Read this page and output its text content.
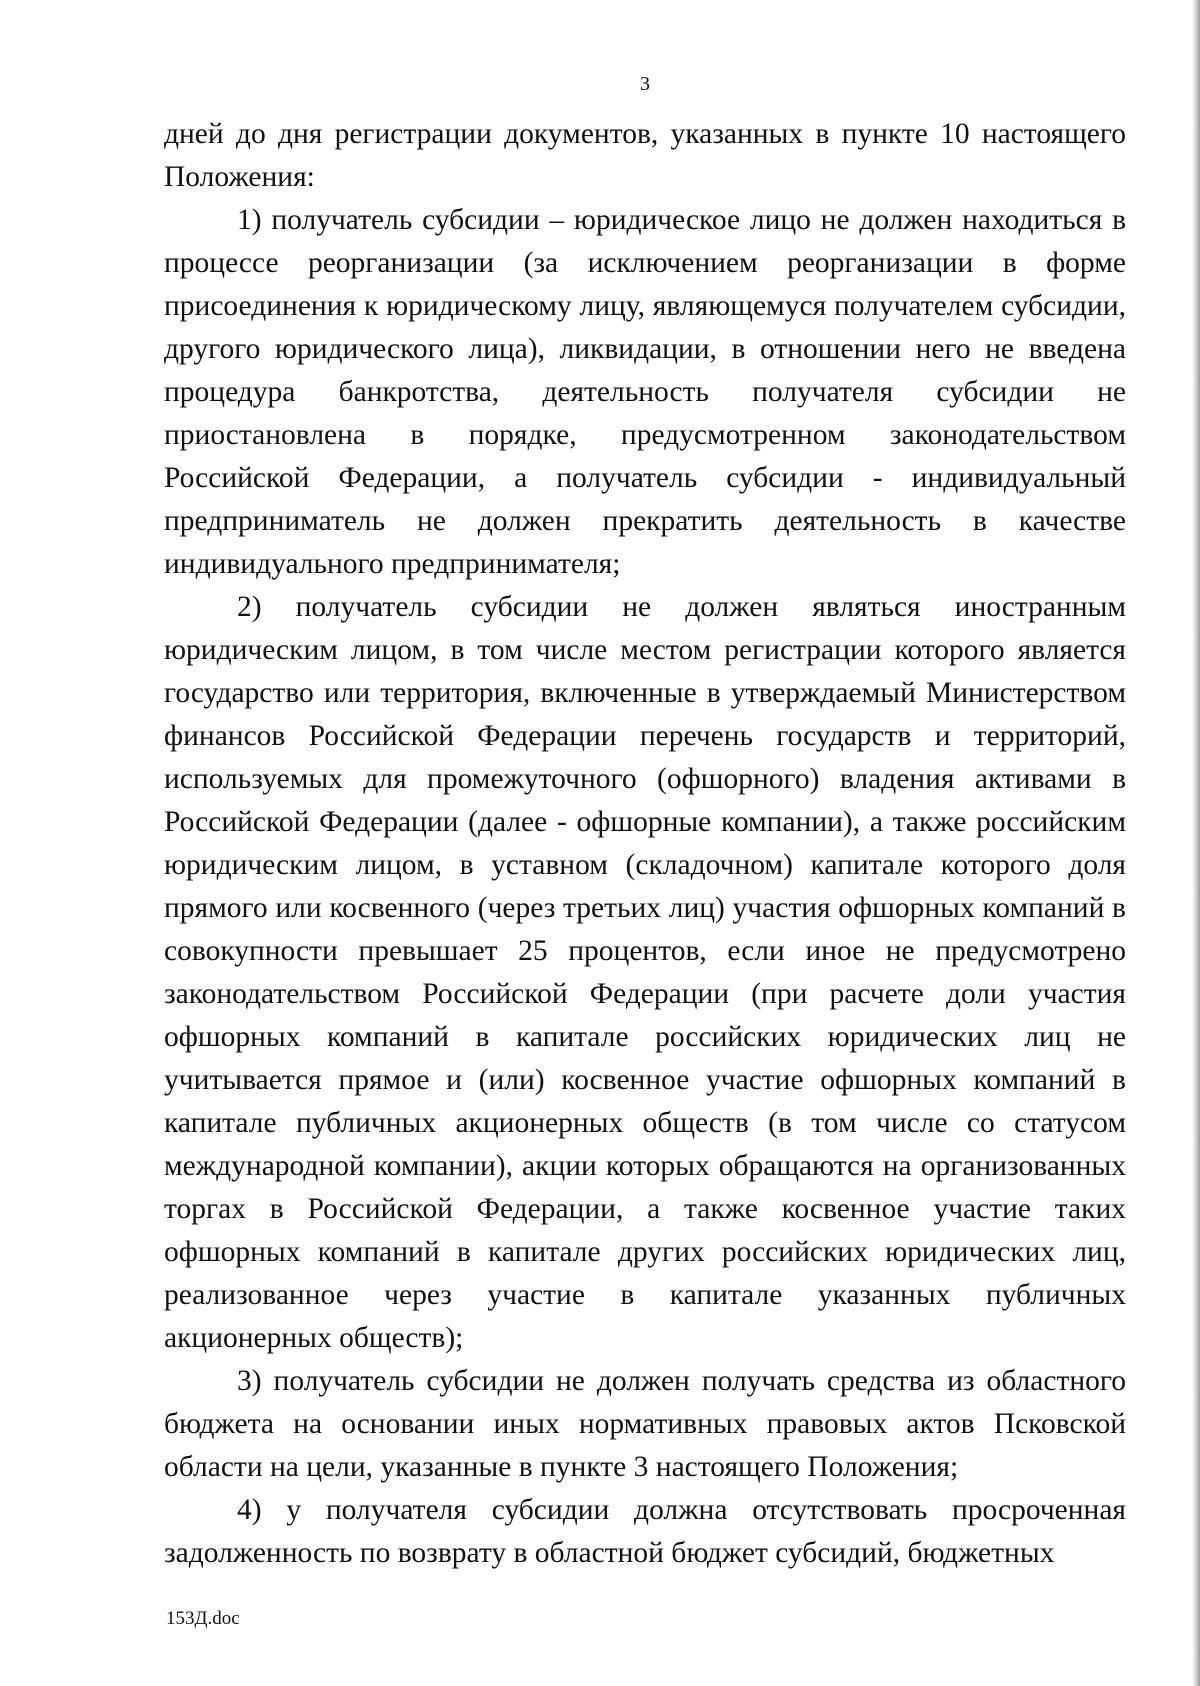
3

дней до дня регистрации документов, указанных в пункте 10 настоящего Положения:

1) получатель субсидии – юридическое лицо не должен находиться в процессе реорганизации (за исключением реорганизации в форме присоединения к юридическому лицу, являющемуся получателем субсидии, другого юридического лица), ликвидации, в отношении него не введена процедура банкротства, деятельность получателя субсидии не приостановлена в порядке, предусмотренном законодательством Российской Федерации, а получатель субсидии - индивидуальный предприниматель не должен прекратить деятельность в качестве индивидуального предпринимателя;

2) получатель субсидии не должен являться иностранным юридическим лицом, в том числе местом регистрации которого является государство или территория, включенные в утверждаемый Министерством финансов Российской Федерации перечень государств и территорий, используемых для промежуточного (офшорного) владения активами в Российской Федерации (далее - офшорные компании), а также российским юридическим лицом, в уставном (складочном) капитале которого доля прямого или косвенного (через третьих лиц) участия офшорных компаний в совокупности превышает 25 процентов, если иное не предусмотрено законодательством Российской Федерации (при расчете доли участия офшорных компаний в капитале российских юридических лиц не учитывается прямое и (или) косвенное участие офшорных компаний в капитале публичных акционерных обществ (в том числе со статусом международной компании), акции которых обращаются на организованных торгах в Российской Федерации, а также косвенное участие таких офшорных компаний в капитале других российских юридических лиц, реализованное через участие в капитале указанных публичных акционерных обществ);

3) получатель субсидии не должен получать средства из областного бюджета на основании иных нормативных правовых актов Псковской области на цели, указанные в пункте 3 настоящего Положения;

4) у получателя субсидии должна отсутствовать просроченная задолженность по возврату в областной бюджет субсидий, бюджетных

153Д.doc
